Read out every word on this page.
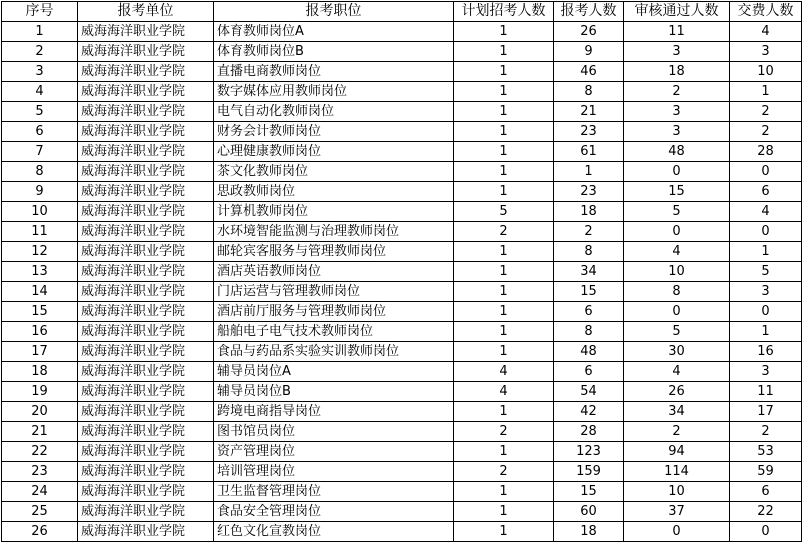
序号	报考单位	报考职位	计划招考人数	报考人数	审核通过人数	交费人数
1	威海海洋职业学院	体育教师岗位A	1	26	11	4
2	威海海洋职业学院	体育教师岗位B	1	9	3	3
3	威海海洋职业学院	直播电商教师岗位	1	46	18	10
4	威海海洋职业学院	数字媒体应用教师岗位	1	8	2	1
5	威海海洋职业学院	电气自动化教师岗位	1	21	3	2
6	威海海洋职业学院	财务会计教师岗位	1	23	3	2
7	威海海洋职业学院	心理健康教师岗位	1	61	48	28
8	威海海洋职业学院	茶文化教师岗位	1	1	0	0
9	威海海洋职业学院	思政教师岗位	1	23	15	6
10	威海海洋职业学院	计算机教师岗位	5	18	5	4
11	威海海洋职业学院	水环境智能监测与治理教师岗位	2	2	0	0
12	威海海洋职业学院	邮轮宾客服务与管理教师岗位	1	8	4	1
13	威海海洋职业学院	酒店英语教师岗位	1	34	10	5
14	威海海洋职业学院	门店运营与管理教师岗位	1	15	8	3
15	威海海洋职业学院	酒店前厅服务与管理教师岗位	1	6	0	0
16	威海海洋职业学院	船舶电子电气技术教师岗位	1	8	5	1
17	威海海洋职业学院	食品与药品系实验实训教师岗位	1	48	30	16
18	威海海洋职业学院	辅导员岗位A	4	6	4	3
19	威海海洋职业学院	辅导员岗位B	4	54	26	11
20	威海海洋职业学院	跨境电商指导岗位	1	42	34	17
21	威海海洋职业学院	图书馆员岗位	2	28	2	2
22	威海海洋职业学院	资产管理岗位	1	123	94	53
23	威海海洋职业学院	培训管理岗位	2	159	114	59
24	威海海洋职业学院	卫生监督管理岗位	1	15	10	6
25	威海海洋职业学院	食品安全管理岗位	1	60	37	22
26	威海海洋职业学院	红色文化宣教岗位	1	18	0	0
